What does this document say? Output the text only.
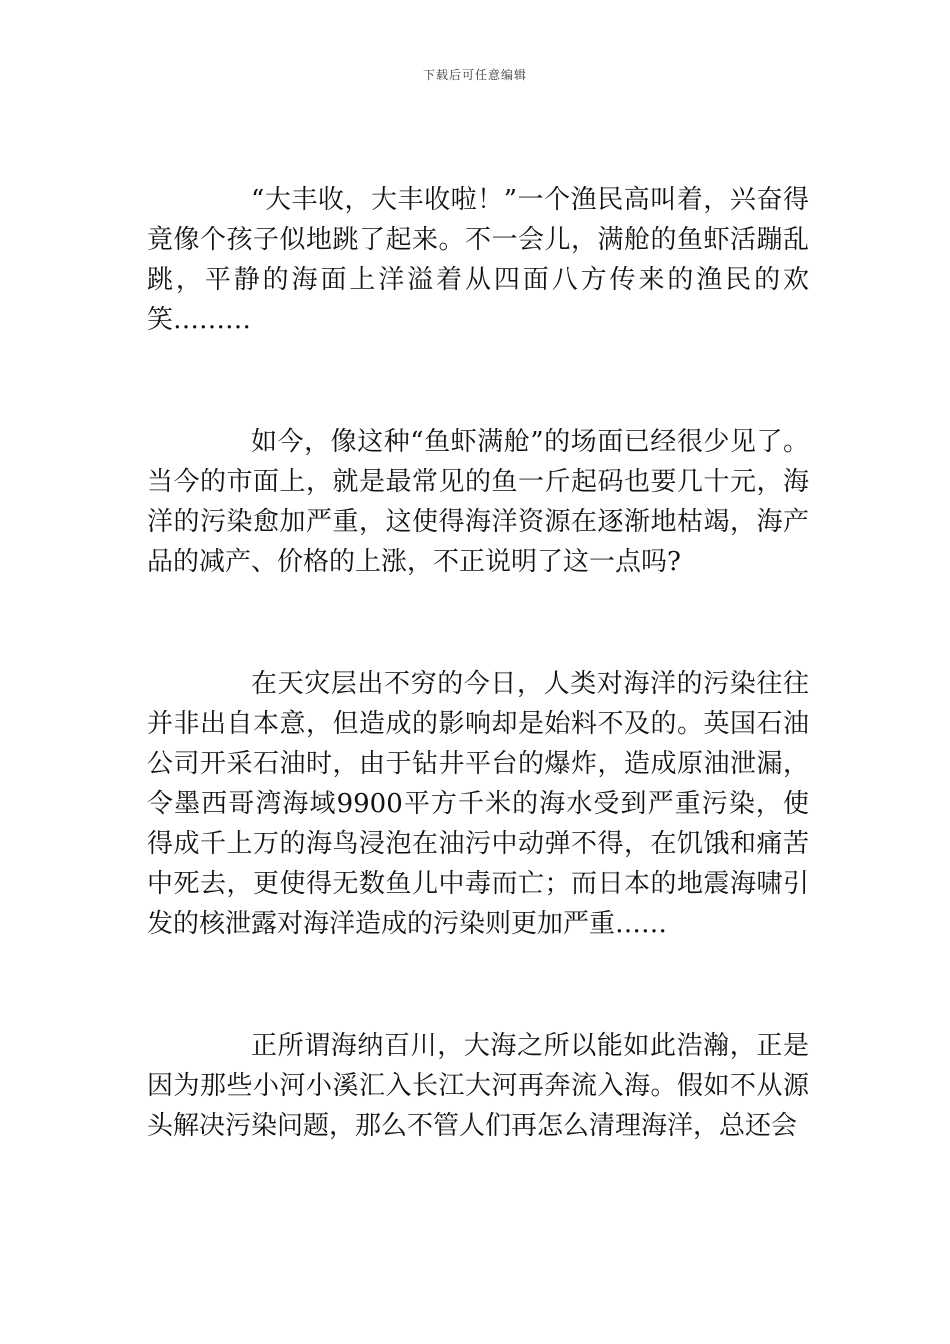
下载后可任意编辑

“大丰收，大丰收啦！”一个渔民高叫着，兴奋得竟像个孩子似地跳了起来。不一会儿，满舱的鱼虾活蹦乱跳，平静的海面上洋溢着从四面八方传来的渔民的欢笑………

如今，像这种“鱼虾满舱”的场面已经很少见了。当今的市面上，就是最常见的鱼一斤起码也要几十元，海洋的污染愈加严重，这使得海洋资源在逐渐地枯竭，海产品的减产、价格的上涨，不正说明了这一点吗?

在天灾层出不穷的今日，人类对海洋的污染往往并非出自本意，但造成的影响却是始料不及的。英国石油公司开采石油时，由于钻井平台的爆炸，造成原油泄漏，令墨西哥湾海域9900平方千米的海水受到严重污染，使得成千上万的海鸟浸泡在油污中动弹不得，在饥饿和痛苦中死去，更使得无数鱼儿中毒而亡；而日本的地震海啸引发的核泄露对海洋造成的污染则更加严重……

正所谓海纳百川，大海之所以能如此浩瀚，正是因为那些小河小溪汇入长江大河再奔流入海。假如不从源头解决污染问题，那么不管人们再怎么清理海洋，总还会
